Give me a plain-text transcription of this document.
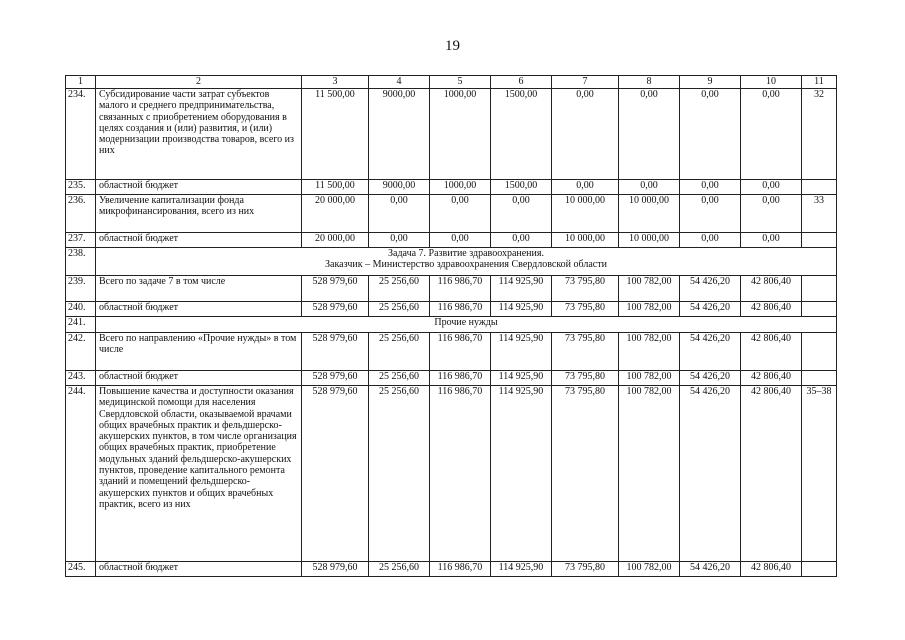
19
1	2	3	4	5	6	7	8	9	10	11
234.	Субсидирование части затрат субъектов малого и среднего предпринимательства, связанных с приобретением оборудования в целях создания и (или) развития, и (или) модернизации производства товаров, всего из них	11 500,00	9000,00	1000,00	1500,00	0,00	0,00	0,00	0,00	32
235.	областной бюджет	11 500,00	9000,00	1000,00	1500,00	0,00	0,00	0,00	0,00	
236.	Увеличение капитализации фонда микрофинансирования, всего из них	20 000,00	0,00	0,00	0,00	10 000,00	10 000,00	0,00	0,00	33
237.	областной бюджет	20 000,00	0,00	0,00	0,00	10 000,00	10 000,00	0,00	0,00	
238.	Задача 7. Развитие здравоохранения.
Заказчик – Министерство здравоохранения Свердловской области									

239.	Всего по задаче 7 в том числе	528 979,60	25 256,60	116 986,70	114 925,90	73 795,80	100 782,00	54 426,20	42 806,40	
240.	областной бюджет	528 979,60	25 256,60	116 986,70	114 925,90	73 795,80	100 782,00	54 426,20	42 806,40	
241.	Прочие нужды									

242.	Всего по направлению «Прочие нужды» в том числе	528 979,60	25 256,60	116 986,70	114 925,90	73 795,80	100 782,00	54 426,20	42 806,40	
243.	областной бюджет	528 979,60	25 256,60	116 986,70	114 925,90	73 795,80	100 782,00	54 426,20	42 806,40	
244.	Повышение качества и доступности оказания медицинской помощи для населения Свердловской области, оказываемой врачами общих врачебных практик и фельдшерско-акушерских пунктов, в том числе организация общих врачебных практик, приобретение модульных зданий фельдшерско-акушерских пунктов, проведение капитального ремонта зданий и помещений фельдшерско-акушерских пунктов и общих врачебных практик, всего из них	528 979,60	25 256,60	116 986,70	114 925,90	73 795,80	100 782,00	54 426,20	42 806,40	35–38
245.	областной бюджет	528 979,60	25 256,60	116 986,70	114 925,90	73 795,80	100 782,00	54 426,20	42 806,40	
